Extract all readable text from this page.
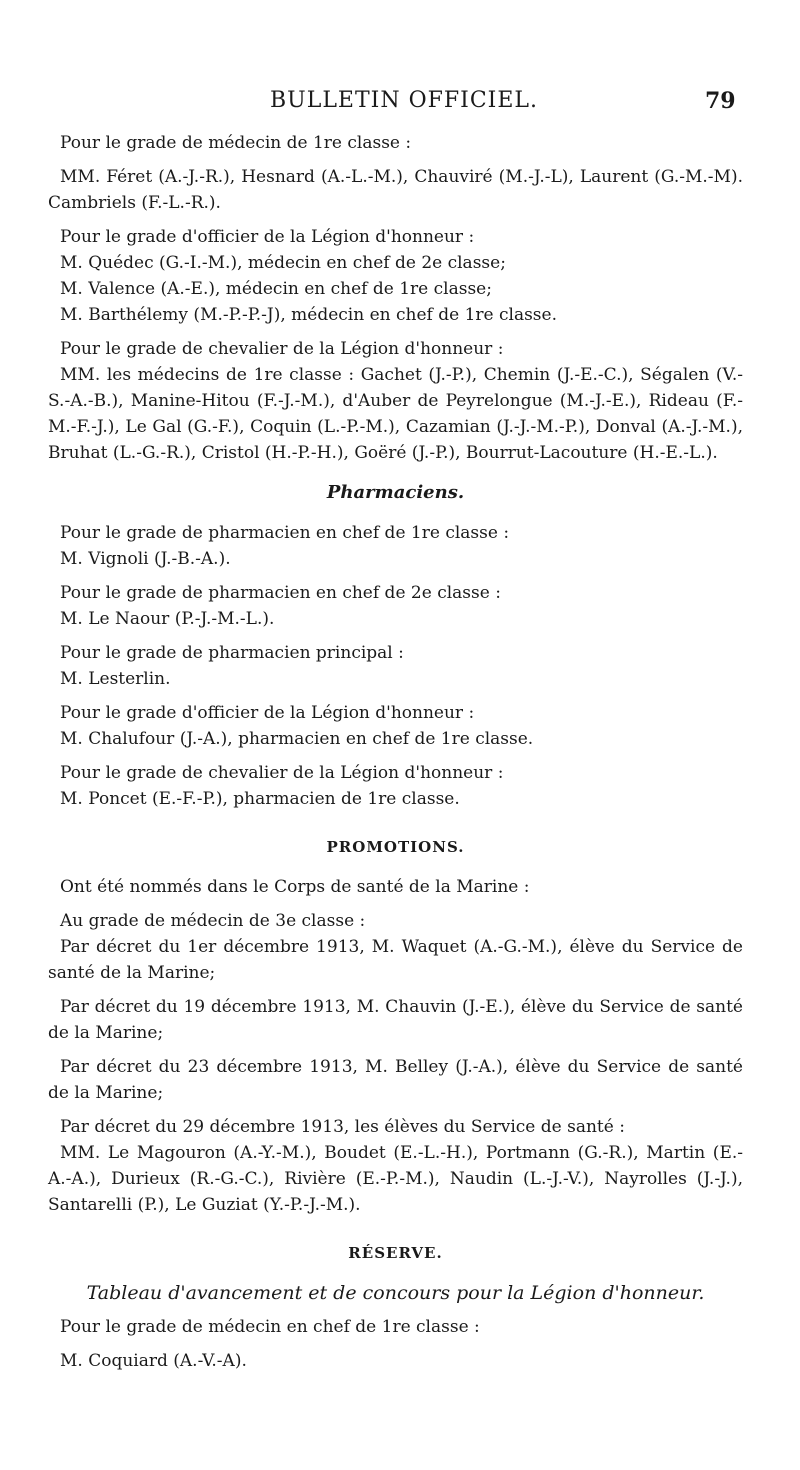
BULLETIN OFFICIEL.	79

Pour le grade de médecin de 1re classe :

MM. Féret (A.-J.-R.), Hesnard (A.-L.-M.), Chauviré (M.-J.-L), Laurent (G.-M.-M). Cambriels (F.-L.-R.).

Pour le grade d'officier de la Légion d'honneur :

M. Quédec (G.-I.-M.), médecin en chef de 2e classe;

M. Valence (A.-E.), médecin en chef de 1re classe;

M. Barthélemy (M.-P.-P.-J), médecin en chef de 1re classe.

Pour le grade de chevalier de la Légion d'honneur :

MM. les médecins de 1re classe : Gachet (J.-P.), Chemin (J.-E.-C.), Ségalen (V.-S.-A.-B.), Manine-Hitou (F.-J.-M.), d'Auber de Peyrelongue (M.-J.-E.), Rideau (F.-M.-F.-J.), Le Gal (G.-F.), Coquin (L.-P.-M.), Cazamian (J.-J.-M.-P.), Donval (A.-J.-M.), Bruhat (L.-G.-R.), Cristol (H.-P.-H.), Goëré (J.-P.), Bourrut-Lacouture (H.-E.-L.).

Pharmaciens.

Pour le grade de pharmacien en chef de 1re classe :

M. Vignoli (J.-B.-A.).

Pour le grade de pharmacien en chef de 2e classe :

M. Le Naour (P.-J.-M.-L.).

Pour le grade de pharmacien principal :

M. Lesterlin.

Pour le grade d'officier de la Légion d'honneur :

M. Chalufour (J.-A.), pharmacien en chef de 1re classe.

Pour le grade de chevalier de la Légion d'honneur :

M. Poncet (E.-F.-P.), pharmacien de 1re classe.

PROMOTIONS.

Ont été nommés dans le Corps de santé de la Marine :

Au grade de médecin de 3e classe :

Par décret du 1er décembre 1913, M. Waquet (A.-G.-M.), élève du Service de santé de la Marine;

Par décret du 19 décembre 1913, M. Chauvin (J.-E.), élève du Service de santé de la Marine;

Par décret du 23 décembre 1913, M. Belley (J.-A.), élève du Service de santé de la Marine;

Par décret du 29 décembre 1913, les élèves du Service de santé :

MM. Le Magouron (A.-Y.-M.), Boudet (E.-L.-H.), Portmann (G.-R.), Martin (E.-A.-A.), Durieux (R.-G.-C.), Rivière (E.-P.-M.), Naudin (L.-J.-V.), Nayrolles (J.-J.), Santarelli (P.), Le Guziat (Y.-P.-J.-M.).

RÉSERVE.

Tableau d'avancement et de concours pour la Légion d'honneur.

Pour le grade de médecin en chef de 1re classe :

M. Coquiard (A.-V.-A).
